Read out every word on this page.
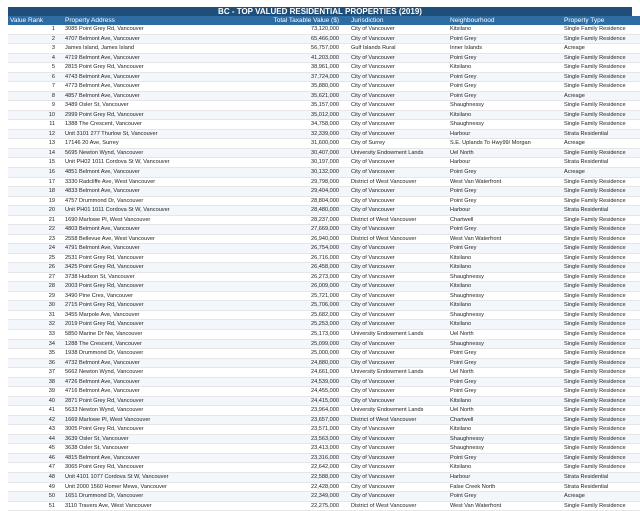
BC - TOP VALUED RESIDENTIAL PROPERTIES (2019)
Value Rank	Property Address	Total Taxable Value ($)	Jurisdiction	Neighbourhood	Property Type
1	3085 Point Grey Rd, Vancouver	73,120,000	City of Vancouver	Kitsilano	Single Family Residence
2	4707 Belmont Ave, Vancouver	65,466,000	City of Vancouver	Point Grey	Single Family Residence
3	James Island, James Island	56,757,000	Gulf Islands Rural	Inner Islands	Acreage
4	4719 Belmont Ave, Vancouver	41,203,000	City of Vancouver	Point Grey	Single Family Residence
5	2815 Point Grey Rd, Vancouver	38,961,000	City of Vancouver	Kitsilano	Single Family Residence
6	4743 Belmont Ave, Vancouver	37,724,000	City of Vancouver	Point Grey	Single Family Residence
7	4773 Belmont Ave, Vancouver	35,880,000	City of Vancouver	Point Grey	Single Family Residence
8	4857 Belmont Ave, Vancouver	35,621,000	City of Vancouver	Point Grey	Acreage
9	3489 Osler St, Vancouver	35,157,000	City of Vancouver	Shaughnessy	Single Family Residence
10	2999 Point Grey Rd, Vancouver	35,012,000	City of Vancouver	Kitsilano	Single Family Residence
11	1388 The Crescent, Vancouver	34,758,000	City of Vancouver	Shaughnessy	Single Family Residence
12	Unit 3101 277 Thurlow St, Vancouver	32,339,000	City of Vancouver	Harbour	Strata Residential
13	17146 20 Ave, Surrey	31,600,000	City of Surrey	S.E. Uplands To Hwy99/ Morgan	Acreage
14	5695 Newton Wynd, Vancouver	30,407,000	University Endowment Lands	Uel North	Single Family Residence
15	Unit PH02 1011 Cordova St W, Vancouver	30,197,000	City of Vancouver	Harbour	Strata Residential
16	4851 Belmont Ave, Vancouver	30,132,000	City of Vancouver	Point Grey	Acreage
17	3330 Radcliffe Ave, West Vancouver	29,798,000	District of West Vancouver	West Van Waterfront	Single Family Residence
18	4833 Belmont Ave, Vancouver	29,404,000	City of Vancouver	Point Grey	Single Family Residence
19	4757 Drummond Dr, Vancouver	28,804,000	City of Vancouver	Point Grey	Single Family Residence
20	Unit PH01 1011 Cordova St W, Vancouver	28,480,000	City of Vancouver	Harbour	Strata Residential
21	1690 Marlowe Pl, West Vancouver	28,237,000	District of West Vancouver	Chartwell	Single Family Residence
22	4803 Belmont Ave, Vancouver	27,669,000	City of Vancouver	Point Grey	Single Family Residence
23	2558 Bellevue Ave, West Vancouver	26,940,000	District of West Vancouver	West Van Waterfront	Single Family Residence
24	4791 Belmont Ave, Vancouver	26,754,000	City of Vancouver	Point Grey	Single Family Residence
25	2531 Point Grey Rd, Vancouver	26,716,000	City of Vancouver	Kitsilano	Single Family Residence
26	3425 Point Grey Rd, Vancouver	26,458,000	City of Vancouver	Kitsilano	Single Family Residence
27	3738 Hudson St, Vancouver	26,273,000	City of Vancouver	Shaughnessy	Single Family Residence
28	2003 Point Grey Rd, Vancouver	26,009,000	City of Vancouver	Kitsilano	Single Family Residence
29	3490 Pine Cres, Vancouver	25,721,000	City of Vancouver	Shaughnessy	Single Family Residence
30	2715 Point Grey Rd, Vancouver	25,706,000	City of Vancouver	Kitsilano	Single Family Residence
31	3455 Marpole Ave, Vancouver	25,682,000	City of Vancouver	Shaughnessy	Single Family Residence
32	2019 Point Grey Rd, Vancouver	25,253,000	City of Vancouver	Kitsilano	Single Family Residence
33	5850 Marine Dr Nw, Vancouver	25,173,000	University Endowment Lands	Uel North	Single Family Residence
34	1288 The Crescent, Vancouver	25,099,000	City of Vancouver	Shaughnessy	Single Family Residence
35	1938 Drummond Dr, Vancouver	25,000,000	City of Vancouver	Point Grey	Single Family Residence
36	4732 Belmont Ave, Vancouver	24,880,000	City of Vancouver	Point Grey	Single Family Residence
37	5662 Newton Wynd, Vancouver	24,661,000	University Endowment Lands	Uel North	Single Family Residence
38	4726 Belmont Ave, Vancouver	24,539,000	City of Vancouver	Point Grey	Single Family Residence
39	4716 Belmont Ave, Vancouver	24,455,000	City of Vancouver	Point Grey	Single Family Residence
40	2871 Point Grey Rd, Vancouver	24,415,000	City of Vancouver	Kitsilano	Single Family Residence
41	5633 Newton Wynd, Vancouver	23,964,000	University Endowment Lands	Uel North	Single Family Residence
42	1669 Marlowe Pl, West Vancouver	23,657,000	District of West Vancouver	Chartwell	Single Family Residence
43	3005 Point Grey Rd, Vancouver	23,571,000	City of Vancouver	Kitsilano	Single Family Residence
44	3639 Osler St, Vancouver	23,563,000	City of Vancouver	Shaughnessy	Single Family Residence
45	3638 Osler St, Vancouver	23,413,000	City of Vancouver	Shaughnessy	Single Family Residence
46	4815 Belmont Ave, Vancouver	23,316,000	City of Vancouver	Point Grey	Single Family Residence
47	3065 Point Grey Rd, Vancouver	22,642,000	City of Vancouver	Kitsilano	Single Family Residence
48	Unit 4101 1077 Cordova St W, Vancouver	22,588,000	City of Vancouver	Harbour	Strata Residential
49	Unit 2000 1560 Homer Mews, Vancouver	22,428,000	City of Vancouver	False Creek North	Strata Residential
50	1651 Drummond Dr, Vancouver	22,349,000	City of Vancouver	Point Grey	Acreage
51	3110 Travers Ave, West Vancouver	22,275,000	District of West Vancouver	West Van Waterfront	Single Family Residence
